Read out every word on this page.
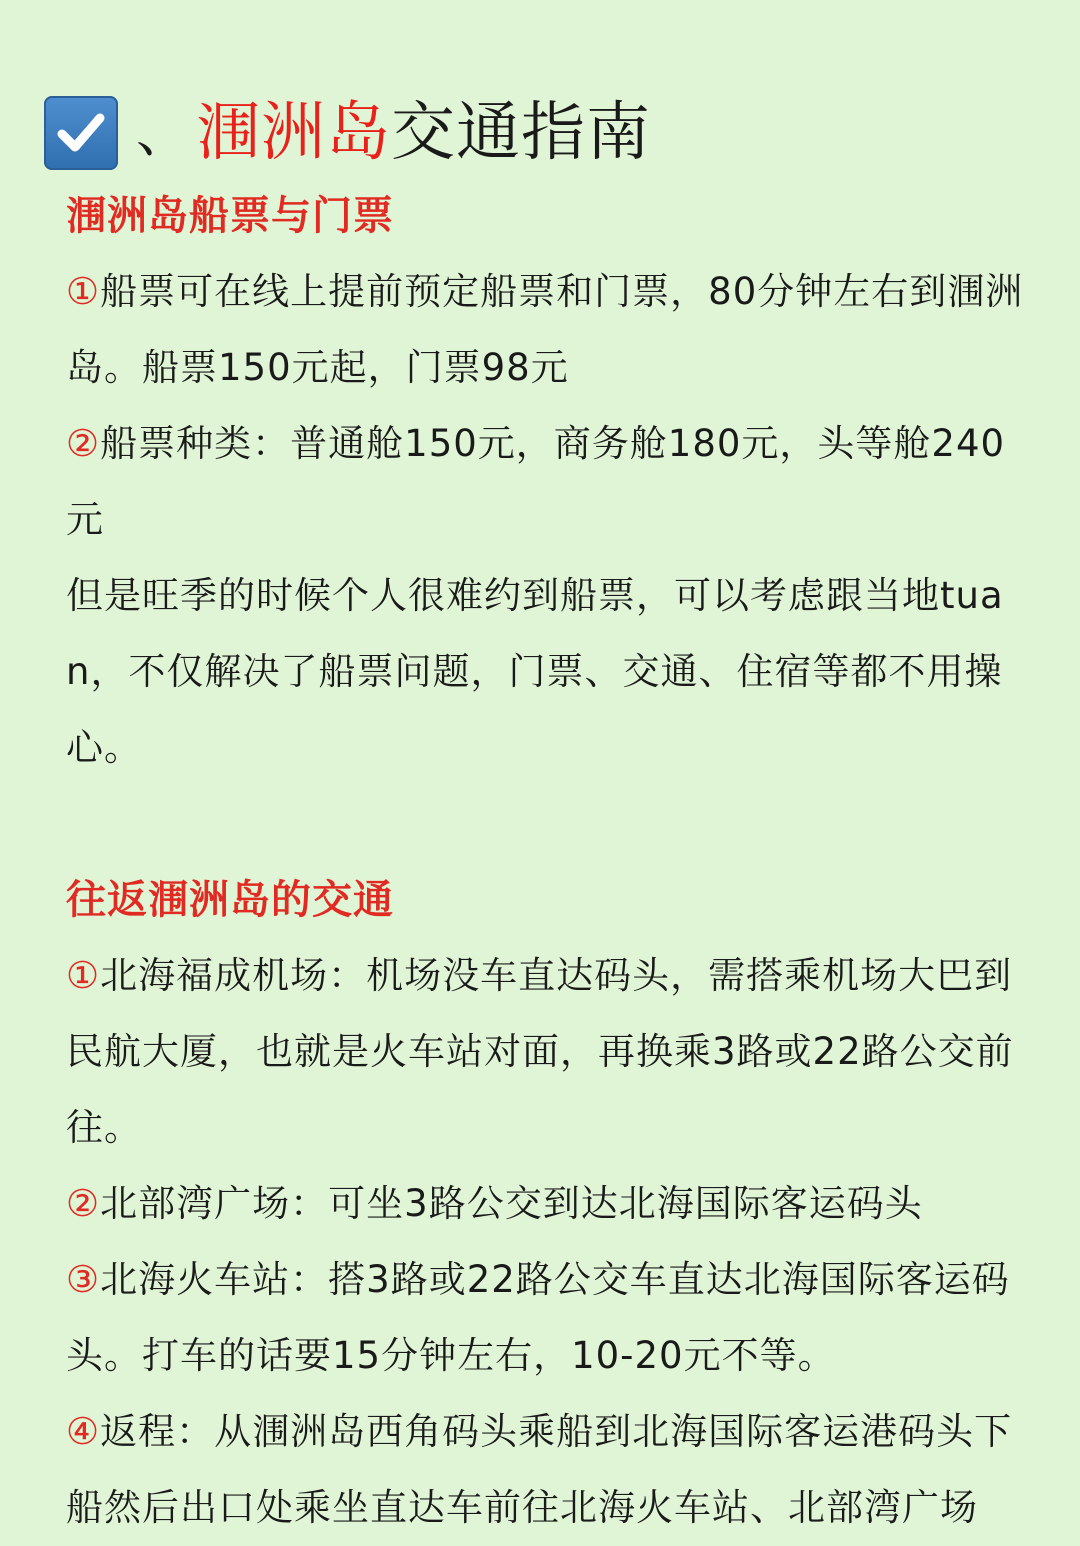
、 涠洲岛 交通指南
涠洲岛船票与门票

①船票可在线上提前预定船票和门票，80分钟左右到涠洲岛。船票150元起，门票98元

②船票种类：普通舱150元，商务舱180元，头等舱240元

但是旺季的时候个人很难约到船票，可以考虑跟当地tuan，不仅解决了船票问题，门票、交通、住宿等都不用操心。

往返涠洲岛的交通

①北海福成机场：机场没车直达码头，需搭乘机场大巴到民航大厦，也就是火车站对面，再换乘3路或22路公交前往。

②北部湾广场：可坐3路公交到达北海国际客运码头

③北海火车站：搭3路或22路公交车直达北海国际客运码头。打车的话要15分钟左右，10-20元不等。

④返程：从涠洲岛西角码头乘船到北海国际客运港码头下船然后出口处乘坐直达车前往北海火车站、北部湾广场
